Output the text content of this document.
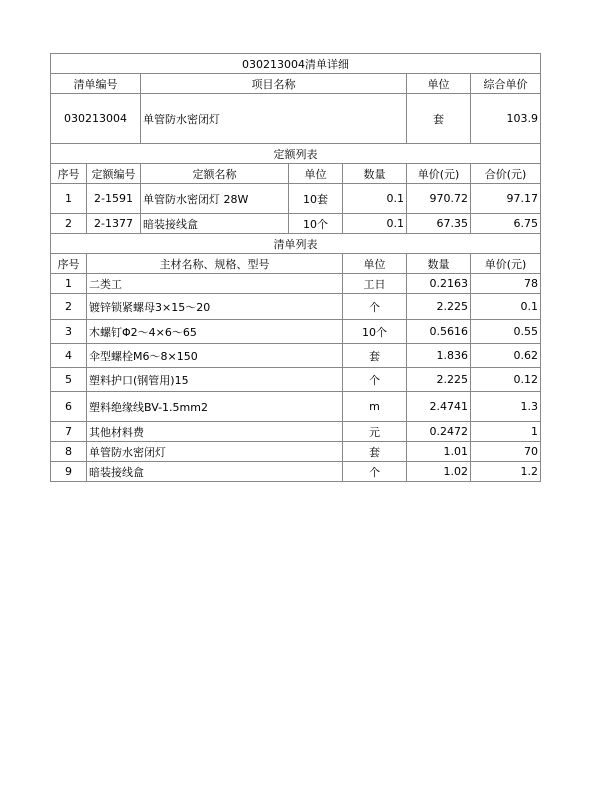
030213004清单详细							
清单编号		项目名称			单位	综合单价	
030213004		单管防水密闭灯			套	103.9	
定额列表							
序号	定额编号	定额名称	单位	数量	单价(元)	合价(元)	
1	2-1591	单管防水密闭灯 28W	10套	0.1	970.72	97.17	
2	2-1377	暗装接线盒	10个	0.1	67.35	6.75	
清单列表							
序号	主材名称、规格、型号			单位	数量	单价(元)	
1	二类工			工日	0.2163	78	
2	镀锌锁紧螺母3×15～20			个	2.225	0.1	
3	木螺钉Φ2～4×6～65			10个	0.5616	0.55	
4	伞型螺栓M6～8×150			套	1.836	0.62	
5	塑料护口(钢管用)15			个	2.225	0.12	
6	塑料绝缘线BV-1.5mm2			m	2.4741	1.3	
7	其他材料费			元	0.2472	1	
8	单管防水密闭灯			套	1.01	70	
9	暗装接线盒			个	1.02	1.2	
